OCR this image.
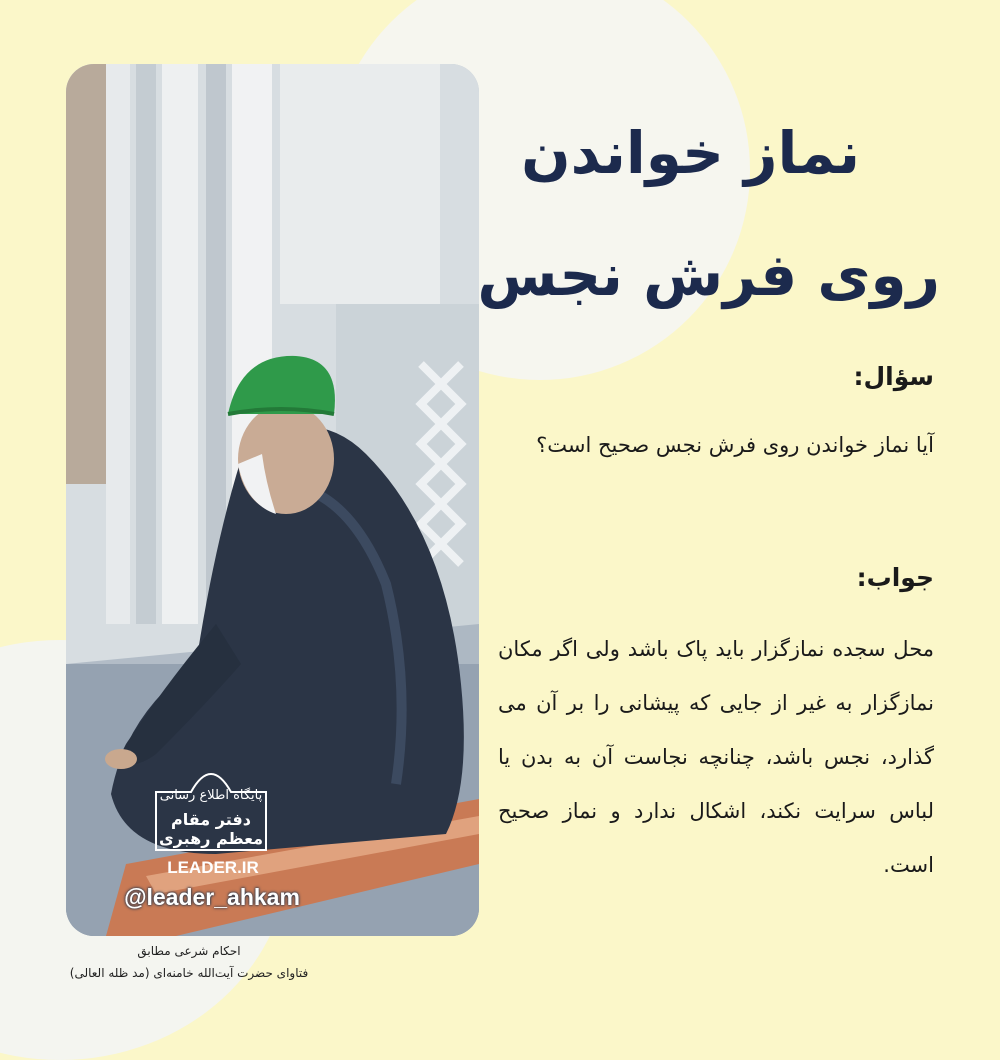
پایگاه اطلاع رسانی
دفتر مقام معظم رهبری
LEADER.IR
@leader_ahkam
احکام شرعی مطابق
فتاوای حضرت آیت‌الله خامنه‌ای (مد ظله العالی)
نماز خواندن
روی فرش نجس
سؤال:
آیا نماز خواندن روی فرش نجس صحیح است؟
جواب:
محل سجده نمازگزار باید پاک باشد ولی اگر مکان نمازگزار به غیر از جایی که پیشانی را بر آن می گذارد، نجس باشد، چنانچه نجاست آن به بدن یا لباس سرایت نکند، اشکال ندارد و نماز صحیح است.
